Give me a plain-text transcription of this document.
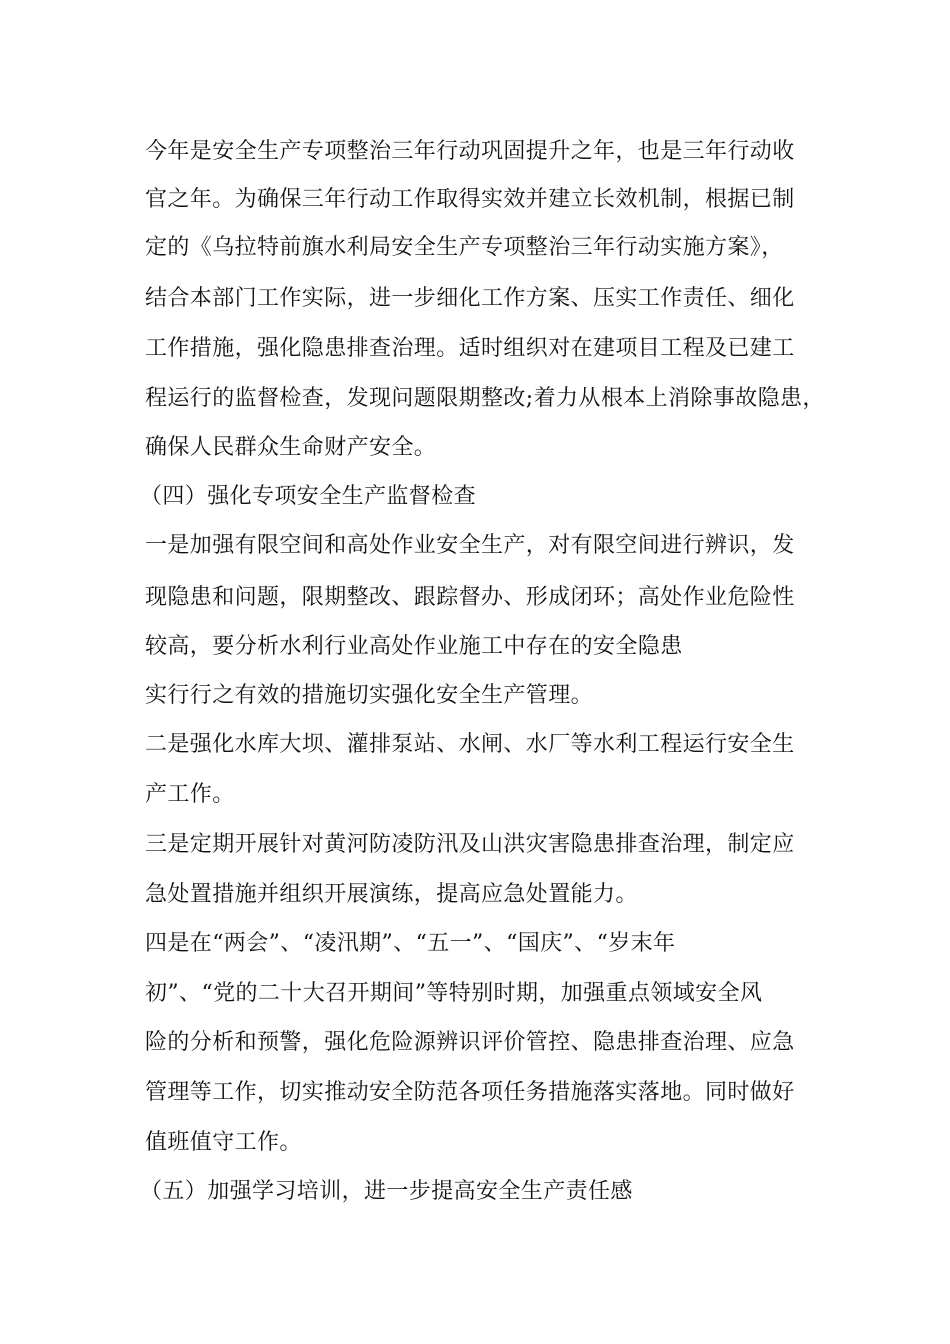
今年是安全生产专项整治三年行动巩固提升之年，也是三年行动收
官之年。为确保三年行动工作取得实效并建立长效机制，根据已制
定的《乌拉特前旗水利局安全生产专项整治三年行动实施方案》，
结合本部门工作实际，进一步细化工作方案、压实工作责任、细化
工作措施，强化隐患排查治理。适时组织对在建项目工程及已建工
程运行的监督检查，发现问题限期整改;着力从根本上消除事故隐患，
确保人民群众生命财产安全。
（四）强化专项安全生产监督检查
一是加强有限空间和高处作业安全生产，对有限空间进行辨识，发
现隐患和问题，限期整改、跟踪督办、形成闭环；高处作业危险性
较高，要分析水利行业高处作业施工中存在的安全隐患
实行行之有效的措施切实强化安全生产管理。
二是强化水库大坝、灌排泵站、水闸、水厂等水利工程运行安全生
产工作。
三是定期开展针对黄河防凌防汛及山洪灾害隐患排查治理，制定应
急处置措施并组织开展演练，提高应急处置能力。
四是在“两会”、“凌汛期”、“五一”、“国庆”、“岁末年
初”、“党的二十大召开期间”等特别时期，加强重点领域安全风
险的分析和预警，强化危险源辨识评价管控、隐患排查治理、应急
管理等工作，切实推动安全防范各项任务措施落实落地。同时做好
值班值守工作。
（五）加强学习培训，进一步提高安全生产责任感
